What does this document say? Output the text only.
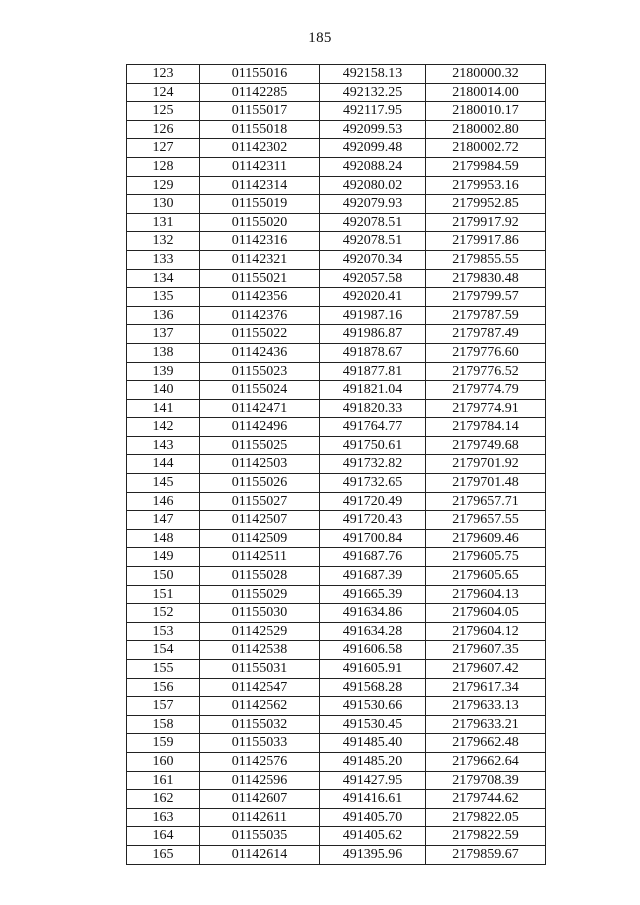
185
123	01155016	492158.13	2180000.32
124	01142285	492132.25	2180014.00
125	01155017	492117.95	2180010.17
126	01155018	492099.53	2180002.80
127	01142302	492099.48	2180002.72
128	01142311	492088.24	2179984.59
129	01142314	492080.02	2179953.16
130	01155019	492079.93	2179952.85
131	01155020	492078.51	2179917.92
132	01142316	492078.51	2179917.86
133	01142321	492070.34	2179855.55
134	01155021	492057.58	2179830.48
135	01142356	492020.41	2179799.57
136	01142376	491987.16	2179787.59
137	01155022	491986.87	2179787.49
138	01142436	491878.67	2179776.60
139	01155023	491877.81	2179776.52
140	01155024	491821.04	2179774.79
141	01142471	491820.33	2179774.91
142	01142496	491764.77	2179784.14
143	01155025	491750.61	2179749.68
144	01142503	491732.82	2179701.92
145	01155026	491732.65	2179701.48
146	01155027	491720.49	2179657.71
147	01142507	491720.43	2179657.55
148	01142509	491700.84	2179609.46
149	01142511	491687.76	2179605.75
150	01155028	491687.39	2179605.65
151	01155029	491665.39	2179604.13
152	01155030	491634.86	2179604.05
153	01142529	491634.28	2179604.12
154	01142538	491606.58	2179607.35
155	01155031	491605.91	2179607.42
156	01142547	491568.28	2179617.34
157	01142562	491530.66	2179633.13
158	01155032	491530.45	2179633.21
159	01155033	491485.40	2179662.48
160	01142576	491485.20	2179662.64
161	01142596	491427.95	2179708.39
162	01142607	491416.61	2179744.62
163	01142611	491405.70	2179822.05
164	01155035	491405.62	2179822.59
165	01142614	491395.96	2179859.67
